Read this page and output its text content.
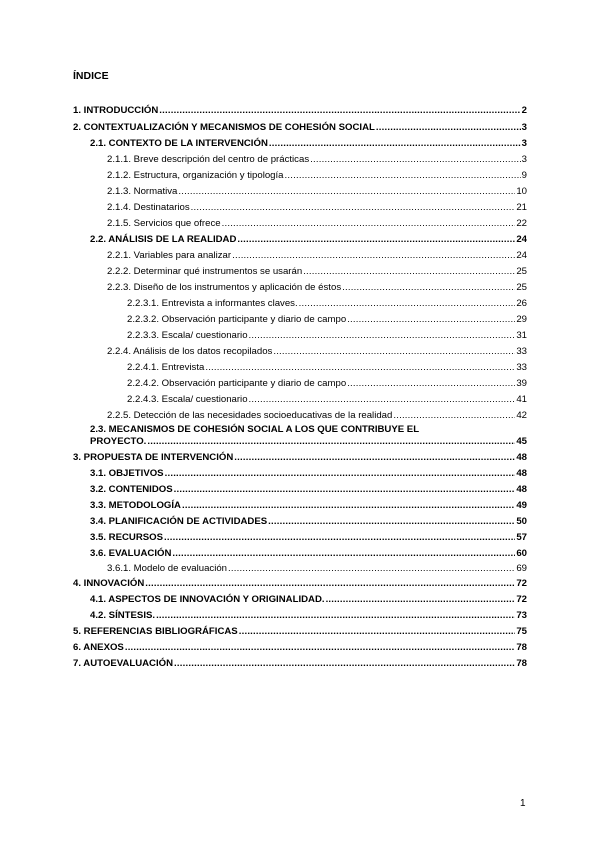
ÍNDICE
1. INTRODUCCIÓN .....	2
2. CONTEXTUALIZACIÓN Y MECANISMOS DE COHESIÓN SOCIAL .....	3
2.1. CONTEXTO DE LA INTERVENCIÓN .....	3
2.1.1. Breve descripción del centro de prácticas .....	3
2.1.2. Estructura, organización y tipología .....	9
2.1.3. Normativa .....	10
2.1.4. Destinatarios .....	21
2.1.5. Servicios que ofrece .....	22
2.2. ANÁLISIS DE LA REALIDAD .....	24
2.2.1. Variables para analizar .....	24
2.2.2. Determinar qué instrumentos se usarán .....	25
2.2.3. Diseño de los instrumentos y aplicación de éstos .....	25
2.2.3.1. Entrevista a informantes claves. .....	26
2.2.3.2. Observación participante y diario de campo .....	29
2.2.3.3. Escala/ cuestionario .....	31
2.2.4. Análisis de los datos recopilados .....	33
2.2.4.1. Entrevista .....	33
2.2.4.2. Observación participante y diario de campo .....	39
2.2.4.3. Escala/ cuestionario .....	41
2.2.5. Detección de las necesidades socioeducativas de la realidad .....	42
2.3. MECANISMOS DE COHESIÓN SOCIAL A LOS QUE CONTRIBUYE EL
PROYECTO. .....	45
3. PROPUESTA DE INTERVENCIÓN .....	48
3.1. OBJETIVOS .....	48
3.2. CONTENIDOS .....	48
3.3. METODOLOGÍA .....	49
3.4. PLANIFICACIÓN DE ACTIVIDADES .....	50
3.5. RECURSOS .....	57
3.6. EVALUACIÓN .....	60
3.6.1. Modelo de evaluación .....	69
4. INNOVACIÓN .....	72
4.1. ASPECTOS DE INNOVACIÓN Y ORIGINALIDAD. .....	72
4.2. SÍNTESIS. .....	73
5. REFERENCIAS BIBLIOGRÁFICAS .....	75
6. ANEXOS .....	78
7. AUTOEVALUACIÓN .....	78
1
